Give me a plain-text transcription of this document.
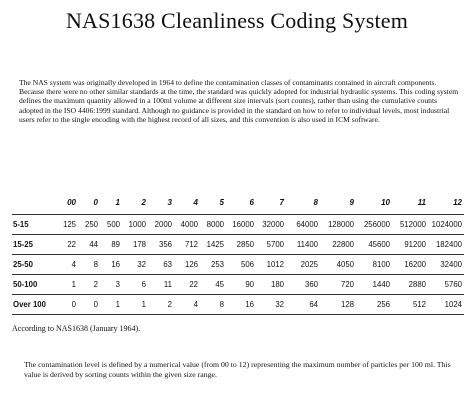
NAS1638 Cleanliness Coding System

The NAS system was originally developed in 1964 to define the contamination classes of contaminants contained in aircraft components. Because there were no other similar standards at the time, the standard was quickly adopted for industrial hydraulic systems. This coding system defines the maximum quantity allowed in a 100ml volume at different size intervals (sort counts), rather than using the cumulative counts adopted in the ISO 4406:1999 standard. Although no guidance is provided in the standard on how to refer to individual levels, most industrial users refer to the single encoding with the highest record of all sizes, and this convention is also used in ICM software.

	00	0	1	2	3	4	5	6	7	8	9	10	11	12
5-15	125	250	500	1000	2000	4000	8000	16000	32000	64000	128000	256000	512000	1024000
15-25	22	44	89	178	356	712	1425	2850	5700	11400	22800	45600	91200	182400
25-50	4	8	16	32	63	126	253	506	1012	2025	4050	8100	16200	32400
50-100	1	2	3	6	11	22	45	90	180	360	720	1440	2880	5760
Over 100	0	0	1	1	2	4	8	16	32	64	128	256	512	1024
According to NAS1638 (January 1964).

The contamination level is defined by a numerical value (from 00 to 12) representing the maximum number of particles per 100 ml. This value is derived by sorting counts within the given size range.
